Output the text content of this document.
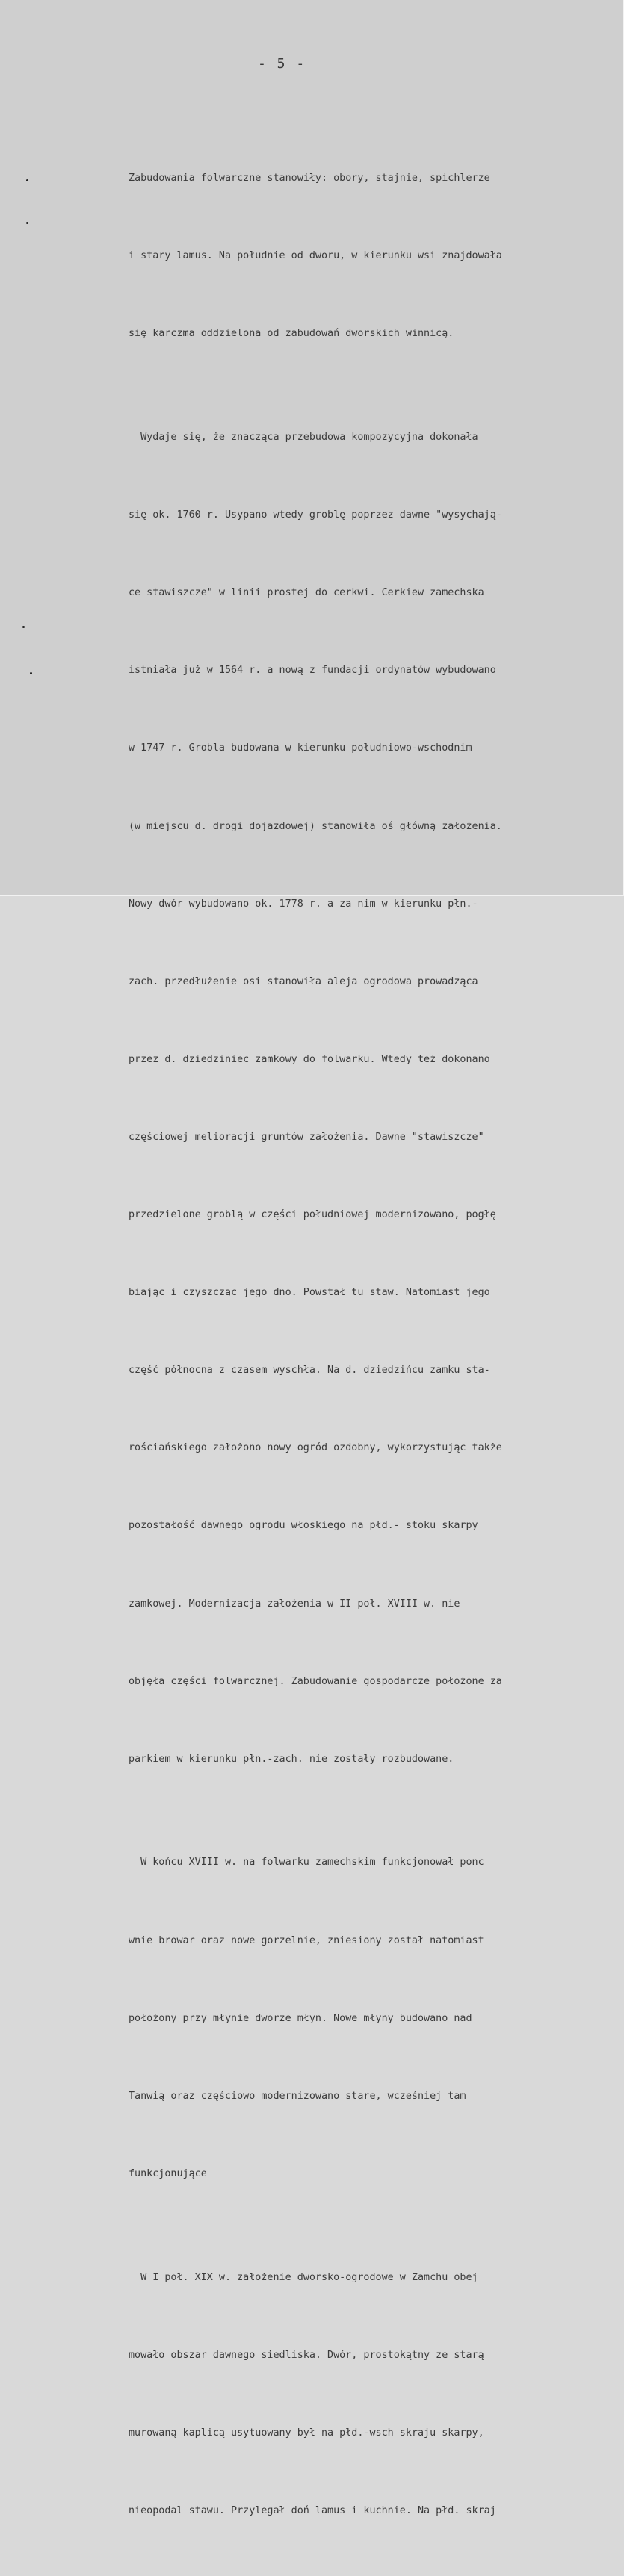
- 5 -

Zabudowania folwarczne stanowiły: obory, stajnie, spichlerze

i stary lamus. Na południe od dworu, w kierunku wsi znajdowała

się karczma oddzielona od zabudowań dworskich winnicą.

Wydaje się, że znacząca przebudowa kompozycyjna dokonała

się ok. 1760 r. Usypano wtedy groblę poprzez dawne "wysychają-

ce stawiszcze" w linii prostej do cerkwi. Cerkiew zamechska

istniała już w 1564 r. a nową z fundacji ordynatów wybudowano

w 1747 r. Grobla budowana w kierunku południowo-wschodnim

(w miejscu d. drogi dojazdowej) stanowiła oś główną założenia.

Nowy dwór wybudowano ok. 1778 r. a za nim w kierunku płn.-

zach. przedłużenie osi stanowiła aleja ogrodowa prowadząca

przez d. dziedziniec zamkowy do folwarku. Wtedy też dokonano

częściowej melioracji gruntów założenia. Dawne "stawiszcze"

przedzielone groblą w części południowej modernizowano, pogłę

biając i czyszcząc jego dno. Powstał tu staw. Natomiast jego

część północna z czasem wyschła. Na d. dziedzińcu zamku sta-

rościańskiego założono nowy ogród ozdobny, wykorzystując także

pozostałość dawnego ogrodu włoskiego na płd.- stoku skarpy

zamkowej. Modernizacja założenia w II poł. XVIII w. nie

objęła części folwarcznej. Zabudowanie gospodarcze położone za

parkiem w kierunku płn.-zach. nie zostały rozbudowane.

W końcu XVIII w. na folwarku zamechskim funkcjonował ponc

wnie browar oraz nowe gorzelnie, zniesiony został natomiast

położony przy młynie dworze młyn. Nowe młyny budowano nad

Tanwią oraz częściowo modernizowano stare, wcześniej tam

funkcjonujące

W I poł. XIX w. założenie dworsko-ogrodowe w Zamchu obej

mowało obszar dawnego siedliska. Dwór, prostokątny ze starą

murowaną kaplicą usytuowany był na płd.-wsch skraju skarpy,

nieopodal stawu. Przylegał doń lamus i kuchnie. Na płd. skraj
